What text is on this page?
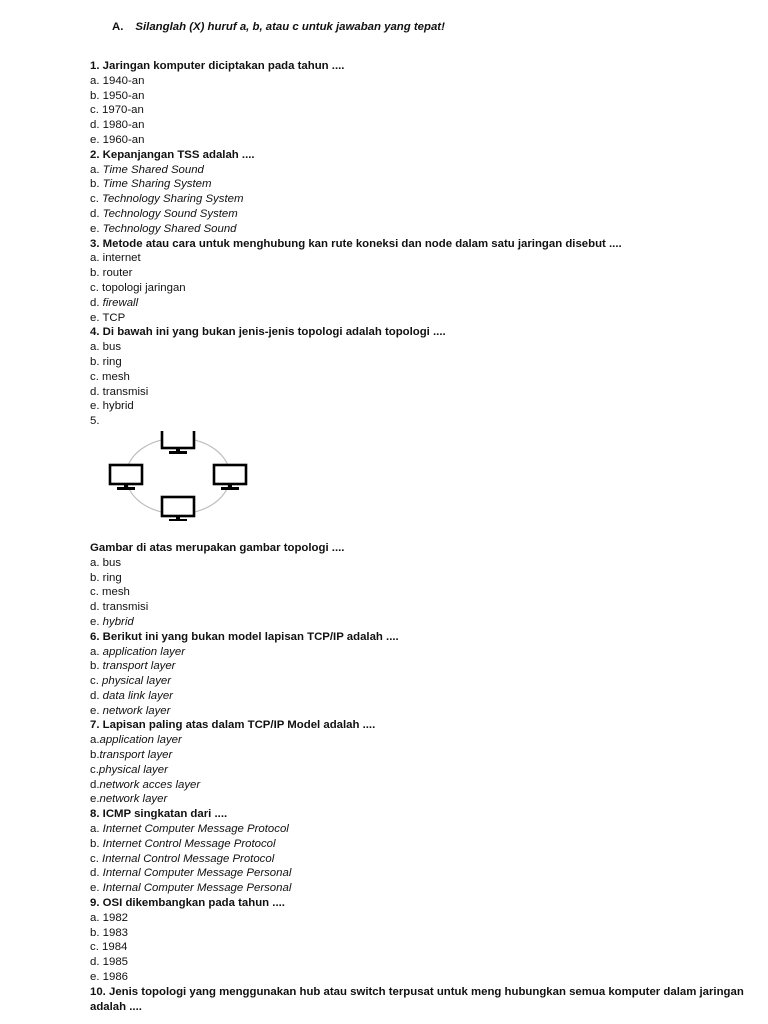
A. Silanglah (X) huruf a, b, atau c untuk jawaban yang tepat!
1. Jaringan komputer diciptakan pada tahun ....
a. 1940-an
b. 1950-an
c. 1970-an
d. 1980-an
e. 1960-an
2. Kepanjangan TSS adalah ....
a. Time Shared Sound
b. Time Sharing System
c. Technology Sharing System
d. Technology Sound System
e. Technology Shared Sound
3. Metode atau cara untuk menghubung kan rute koneksi dan node dalam satu jaringan disebut ....
a. internet
b. router
c. topologi jaringan
d. firewall
e. TCP
4. Di bawah ini yang bukan jenis-jenis topologi adalah topologi ....
a. bus
b. ring
c. mesh
d. transmisi
e. hybrid
5.
Gambar di atas merupakan gambar topologi ....
a. bus
b. ring
c. mesh
d. transmisi
e. hybrid
6. Berikut ini yang bukan model lapisan TCP/IP adalah ....
a. application layer
b. transport layer
c. physical layer
d. data link layer
e. network layer
7. Lapisan paling atas dalam TCP/IP Model adalah ....
a.application layer
b.transport layer
c.physical layer
d.network acces layer
e.network layer
8. ICMP singkatan dari ....
a. Internet Computer Message Protocol
b. Internet Control Message Protocol
c. Internal Control Message Protocol
d. Internal Computer Message Personal
e. Internal Computer Message Personal
9. OSI dikembangkan pada tahun ....
a. 1982
b. 1983
c. 1984
d. 1985
e. 1986
10. Jenis topologi yang menggunakan hub atau switch terpusat untuk meng hubungkan semua komputer dalam jaringan adalah ....
